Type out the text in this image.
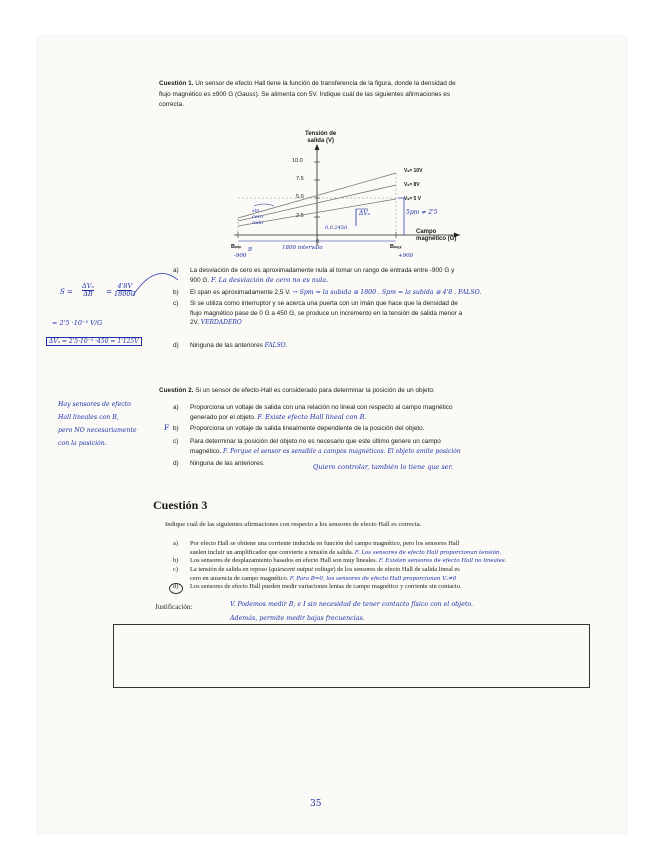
Cuestión 1. Un sensor de efecto Hall tiene la función de transferencia de la figura, donde la densidad de
flujo magnético es ±900 G (Gauss). Se alimenta con 5V. Indique cuál de las siguientes afirmaciones es
correcta.
Tensión de
salida (V)
10.0
7.5
5.0
2.5
0
Vₛ= 10V
Vₛ= 8V
Vₛ= 5 V
Campo
magnético (G)
Bₘᵢₙ	Bₘₐₓ
sin
cero
nulo
ΔVₒ	5pm ≠ 2'5
0,0,2450
-900
B	1800 intervalo
+900
a) La desviación de cero es aproximadamente nula al tomar un rango de entrada entre -900 G y
900 G. F. La desviación de cero no es nula.
b) El span es aproximadamente 2,5 V. → Spm = la subida ≅ 1800 . Spm = la subida ≅ 4'8 . FALSO.
c) Si se utiliza como interruptor y se acerca una puerta con un imán que hace que la densidad de
flujo magnético pase de 0 G a 450 G, se produce un incremento en la tensión de salida menor a
2V. VERDADERO
d) Ninguna de las anteriores FALSO.
S =
ΔVₒ
ΔB =
4'8V
1800G
= 2'5 ·10⁻³ V/G
ΔVₒ = 2'5·10⁻³ ·450 = 1'125V
Cuestión 2. Si un sensor de efecto-Hall es considerado para determinar la posición de un objeto:
a) Proporciona un voltaje de salida con una relación no lineal con respecto al campo magnético
generado por el objeto. F. Existe efecto Hall lineal con B.
F b) Proporciona un voltaje de salida linealmente dependiente de la posición del objeto.
c) Para determinar la posición del objeto no es necesario que este último genere un campo
magnético. F. Porque el sensor es sensible a campos magnéticos. El objeto emite posición
d) Ninguna de las anteriores.	Quiero controlar, también lo tiene que ser.
Hay sensores de efecto
Hall lineales con B,
pero NO necesariamente
con la posición.
Cuestión 3
Indique cuál de las siguientes afirmaciones con respecto a los sensores de efecto Hall es correcta.
a) Por efecto Hall se obtiene una corriente inducida en función del campo magnético, pero los sensores Hall
suelen incluir un amplificador que convierte a tensión de salida. F. Los sensores de efecto Hall proporcionan tensión.
b) Los sensores de desplazamiento basados en efecto Hall son muy lineales. F. Existen sensores de efecto Hall no lineales.
c) La tensión de salida en reposo (quiescent output voltage) de los sensores de efecto Hall de salida lineal es
cero en ausencia de campo magnético. F. Para B=0, los sensores de efecto Hall proporcionan Vₒ≠0
d) Los sensores de efecto Hall pueden medir variaciones lentas de campo magnético y corriente sin contacto.
Justificación:	V. Podemos medir B, e I sin necesidad de tener contacto físico con el objeto.
Además, permite medir bajas frecuencias.
35
